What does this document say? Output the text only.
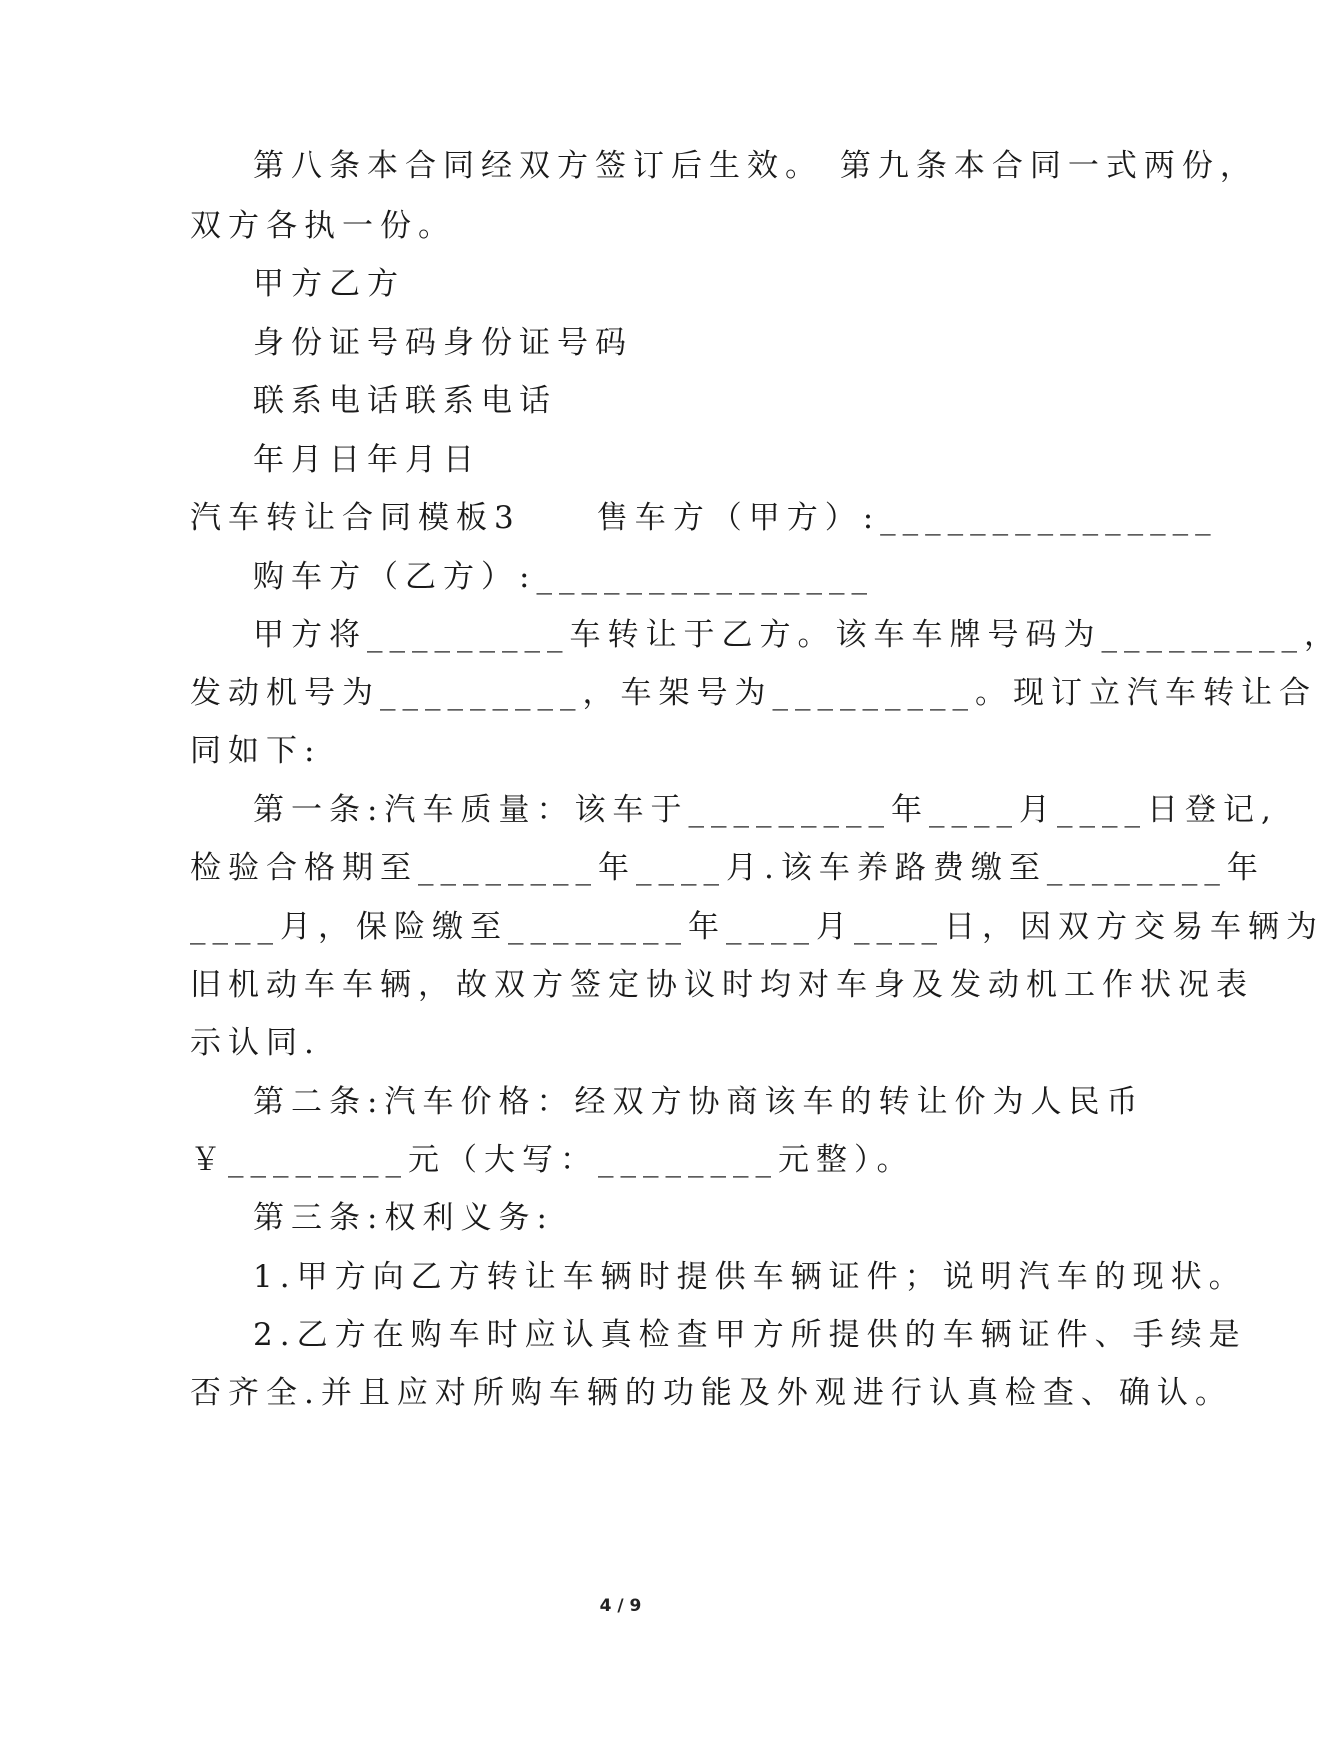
第八条本合同经双方签订后生效。 第九条本合同一式两份，
双方各执一份。
甲方乙方
身份证号码身份证号码
联系电话联系电话
年月日年月日
汽车转让合同模板3　　售车方（甲方）:_______________
购车方（乙方）:_______________
甲方将_________车转让于乙方。该车车牌号码为_________，
发动机号为_________，车架号为_________。现订立汽车转让合
同如下:
第一条:汽车质量：该车于_________年____月____日登记,
检验合格期至________年____月.该车养路费缴至________年
____月，保险缴至________年____月____日，因双方交易车辆为
旧机动车车辆，故双方签定协议时均对车身及发动机工作状况表
示认同.
第二条:汽车价格：经双方协商该车的转让价为人民币
￥________元（大写：________元整）。
第三条:权利义务:
1.甲方向乙方转让车辆时提供车辆证件；说明汽车的现状。
2.乙方在购车时应认真检查甲方所提供的车辆证件、手续是
否齐全.并且应对所购车辆的功能及外观进行认真检查、确认。
4 / 9
